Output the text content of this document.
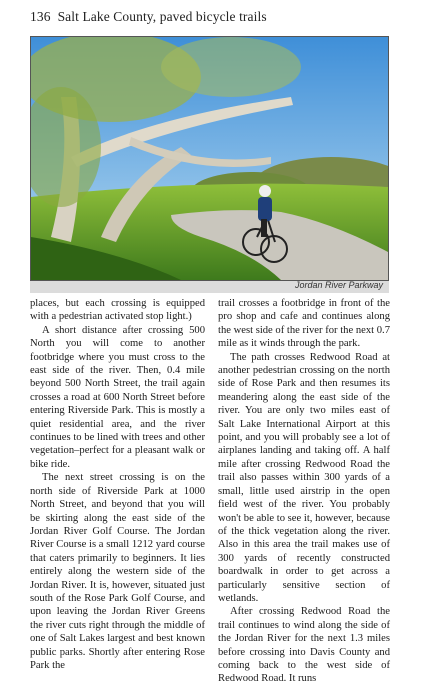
136 Salt Lake County, paved bicycle trails
Jordan River Parkway

places, but each crossing is equipped with a pedestrian activated stop light.)

A short distance after crossing 500 North you will come to another footbridge where you must cross to the east side of the river. Then, 0.4 mile beyond 500 North Street, the trail again crosses a road at 600 North Street before entering Riverside Park. This is mostly a quiet residential area, and the river continues to be lined with trees and other vegetation–perfect for a pleasant walk or bike ride.

The next street crossing is on the north side of Riverside Park at 1000 North Street, and beyond that you will be skirting along the east side of the Jordan River Golf Course. The Jordan River Course is a small 1212 yard course that caters primarily to beginners. It lies entirely along the western side of the Jordan River. It is, however, situated just south of the Rose Park Golf Course, and upon leaving the Jordan River Greens the river cuts right through the middle of one of Salt Lakes largest and best known public parks. Shortly after entering Rose Park the

trail crosses a footbridge in front of the pro shop and cafe and continues along the west side of the river for the next 0.7 mile as it winds through the park.

The path crosses Redwood Road at another pedestrian crossing on the north side of Rose Park and then resumes its meandering along the east side of the river. You are only two miles east of Salt Lake International Airport at this point, and you will probably see a lot of airplanes landing and taking off. A half mile after crossing Redwood Road the trail also passes within 300 yards of a small, little used airstrip in the open field west of the river. You probably won't be able to see it, however, because of the thick vegetation along the river. Also in this area the trail makes use of 300 yards of recently constructed boardwalk in order to get across a particularly sensitive section of wetlands.

After crossing Redwood Road the trail continues to wind along the side of the Jordan River for the next 1.3 miles before crossing into Davis County and coming back to the west side of Redwood Road. It runs
